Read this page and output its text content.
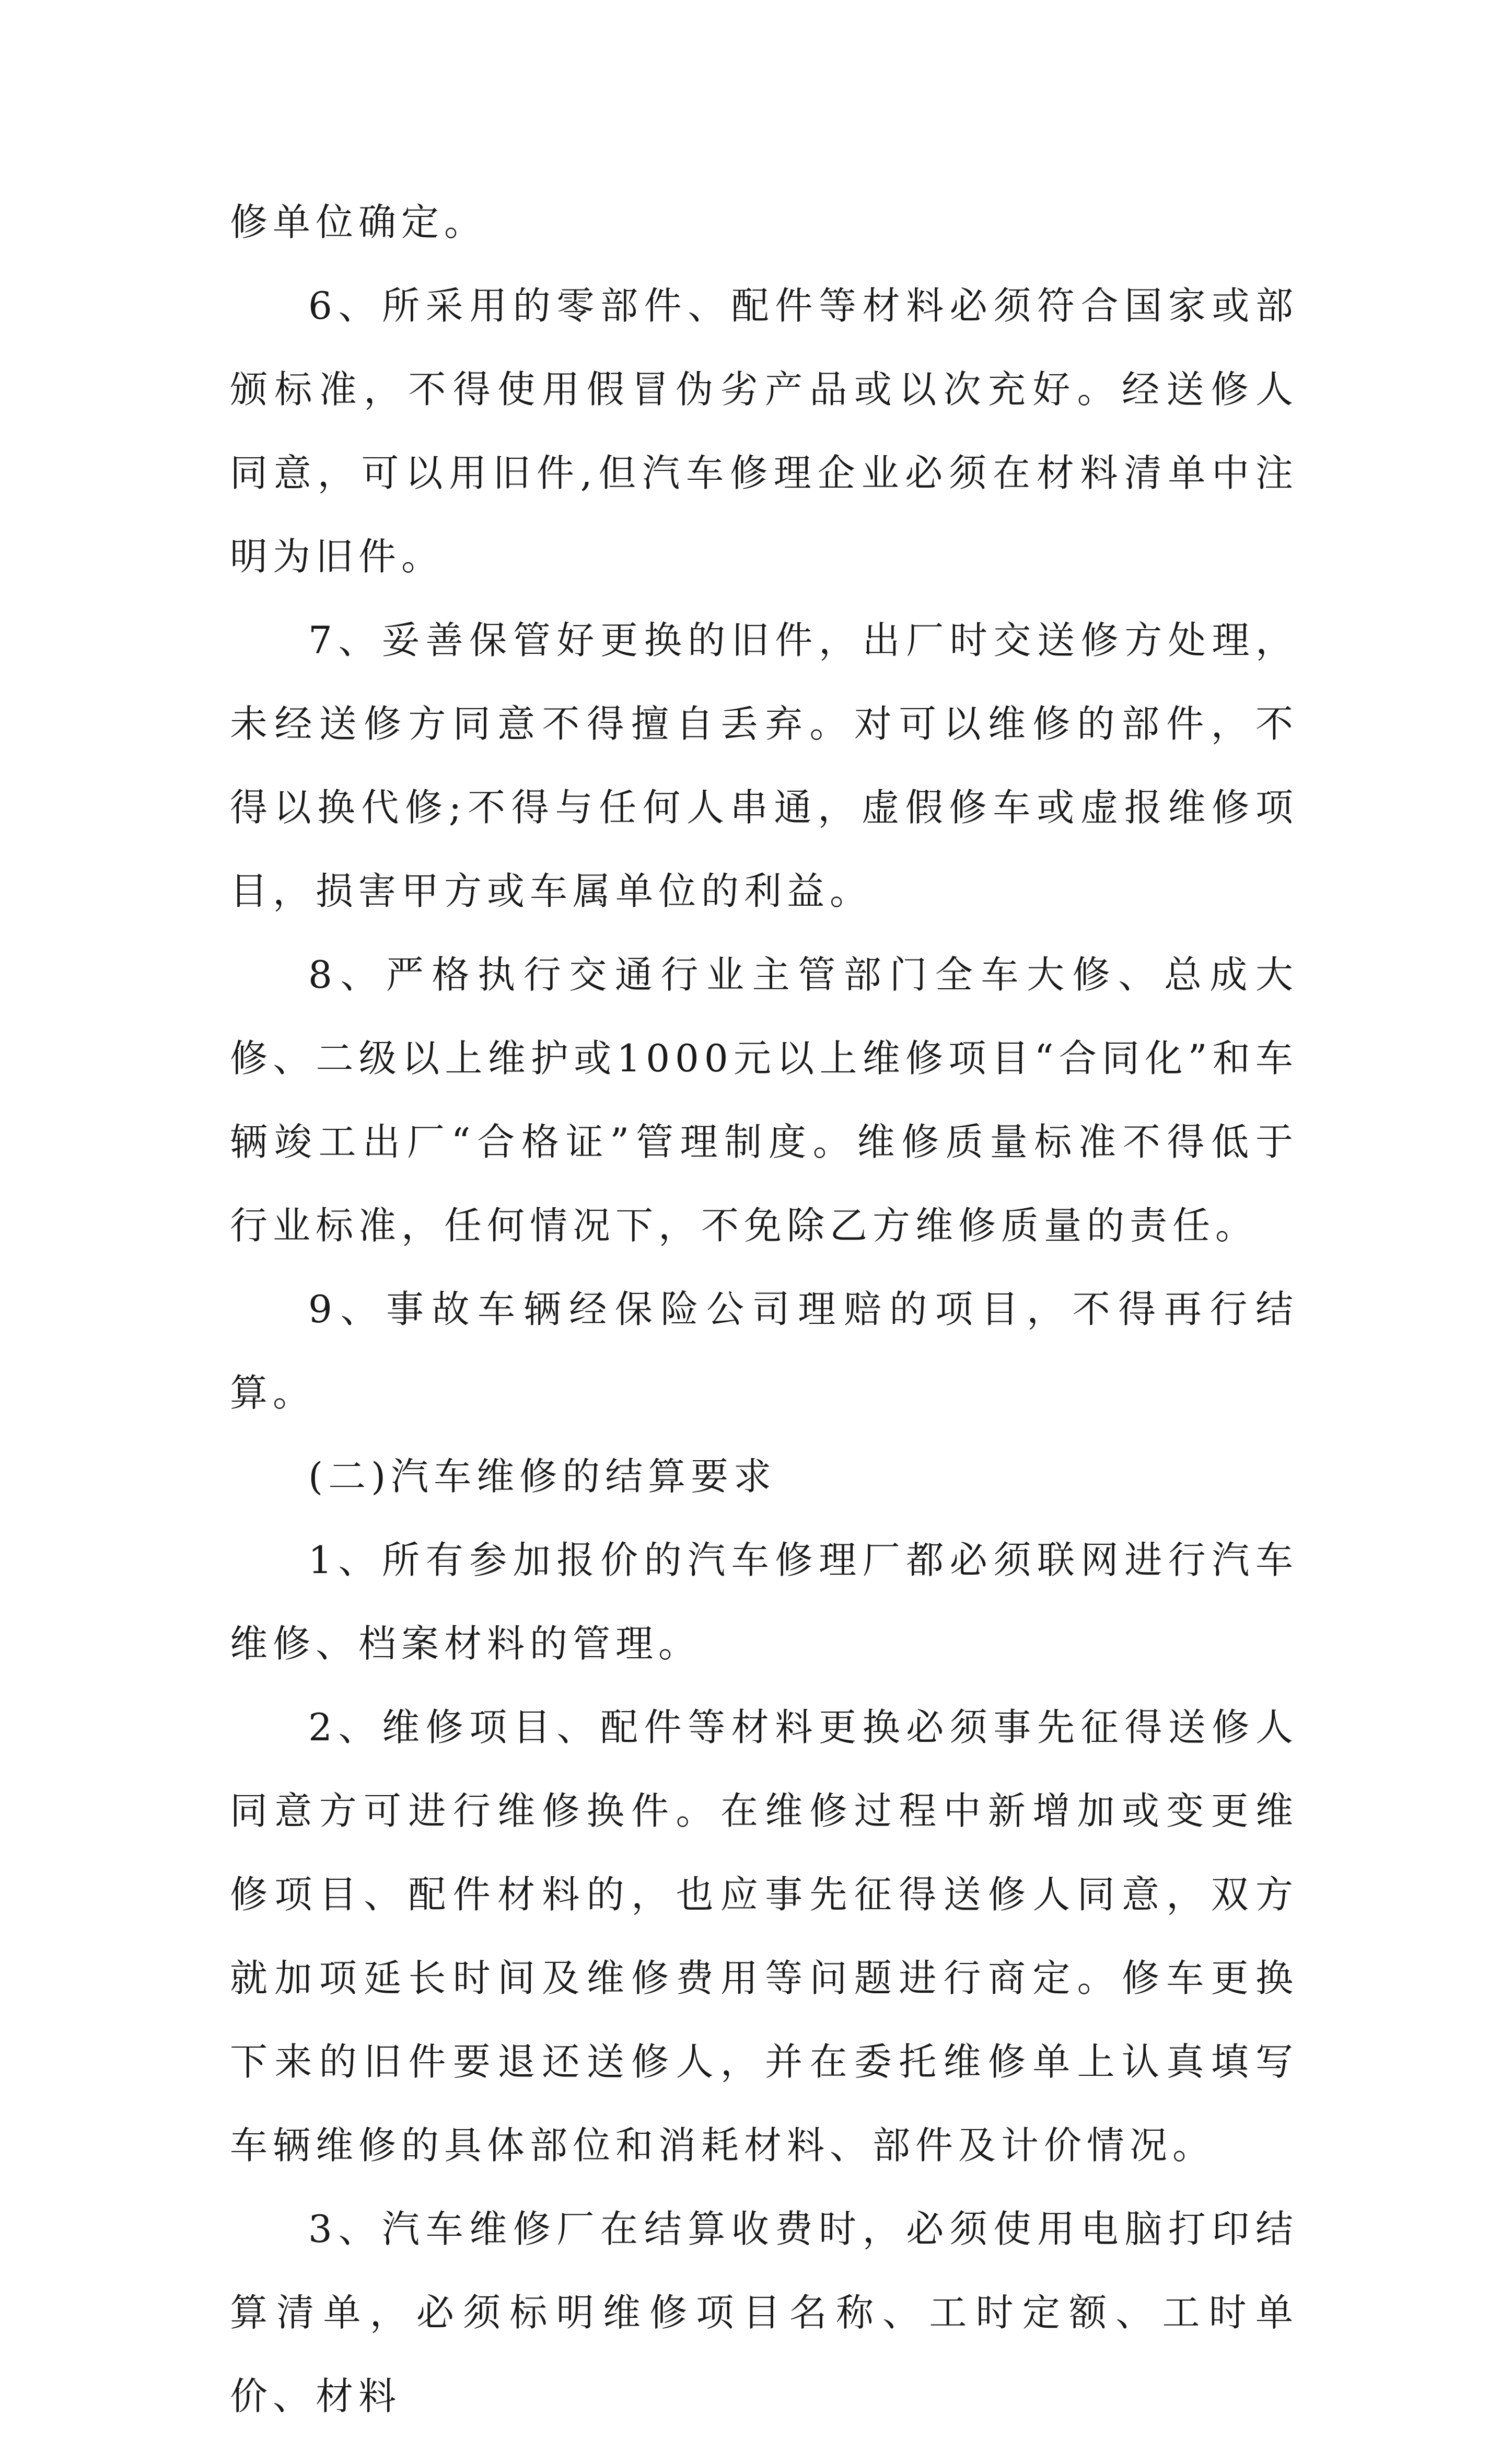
修单位确定。

6、所采用的零部件、配件等材料必须符合国家或部颁标准，不得使用假冒伪劣产品或以次充好。经送修人同意，可以用旧件,但汽车修理企业必须在材料清单中注明为旧件。

7、妥善保管好更换的旧件，出厂时交送修方处理，未经送修方同意不得擅自丢弃。对可以维修的部件，不得以换代修;不得与任何人串通，虚假修车或虚报维修项目，损害甲方或车属单位的利益。

8、严格执行交通行业主管部门全车大修、总成大修、二级以上维护或1000元以上维修项目“合同化”和车辆竣工出厂“合格证”管理制度。维修质量标准不得低于行业标准，任何情况下，不免除乙方维修质量的责任。

9、事故车辆经保险公司理赔的项目，不得再行结算。

(二)汽车维修的结算要求

1、所有参加报价的汽车修理厂都必须联网进行汽车维修、档案材料的管理。

2、维修项目、配件等材料更换必须事先征得送修人同意方可进行维修换件。在维修过程中新增加或变更维修项目、配件材料的，也应事先征得送修人同意，双方就加项延长时间及维修费用等问题进行商定。修车更换下来的旧件要退还送修人，并在委托维修单上认真填写车辆维修的具体部位和消耗材料、部件及计价情况。

3、汽车维修厂在结算收费时，必须使用电脑打印结算清单，必须标明维修项目名称、工时定额、工时单价、材料
